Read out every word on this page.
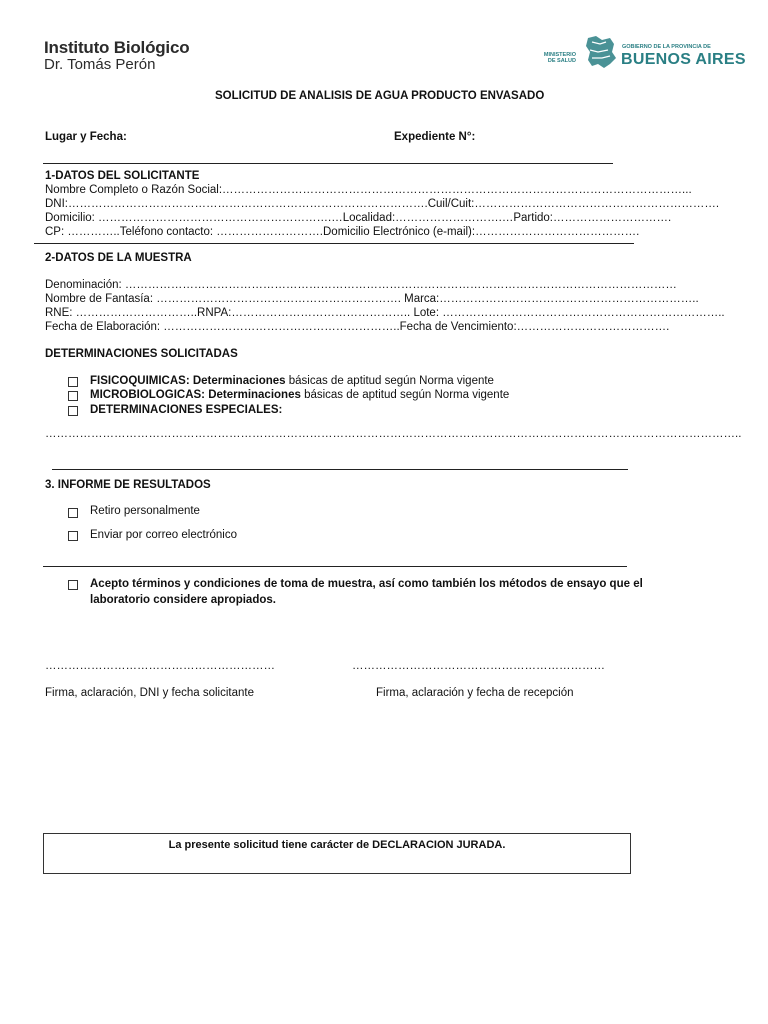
Instituto Biológico
Dr. Tomás Perón
MINISTERIO DE SALUD
GOBIERNO DE LA PROVINCIA DE
BUENOS AIRES
SOLICITUD DE ANALISIS DE AGUA PRODUCTO ENVASADO
Lugar y Fecha:	Expediente N°:
1-DATOS DEL SOLICITANTE
Nombre Completo o Razón Social:…………………………………………………………………………………………………………...
DNI:………………………………………………………………………………….Cuil/Cuit:……………………………………………………….
Domicilio: …………………………………………………….…Localidad:……………………….…Partido:………………………….
CP: …………..Teléfono contacto: ……………………….Domicilio Electrónico (e-mail):…………………………………….
2-DATOS DE LA MUESTRA
Denominación: ………………………………………………………………………………………………………………………………
Nombre de Fantasía: ………………………………………………………. Marca:…………………………………………………………..
RNE: …………………………..RNPA:……………………………………….. Lote: ………………………………………………………………..
Fecha de Elaboración: ……………………………………………………..Fecha de Vencimiento:………………………………….
DETERMINACIONES SOLICITADAS
FISICOQUIMICAS: Determinaciones básicas de aptitud según Norma vigente
MICROBIOLOGICAS: Determinaciones básicas de aptitud según Norma vigente
DETERMINACIONES ESPECIALES:
………………………………………………………………………………………………………………………………………………………………..
3. INFORME DE RESULTADOS
Retiro personalmente
Enviar por correo electrónico
Acepto términos y condiciones de toma de muestra, así como también los métodos de ensayo que el
laboratorio considere apropiados.
……………………………………………………	…………………………………………………………
Firma, aclaración, DNI y fecha solicitante	Firma, aclaración y fecha de recepción
La presente solicitud tiene carácter de DECLARACION JURADA.
